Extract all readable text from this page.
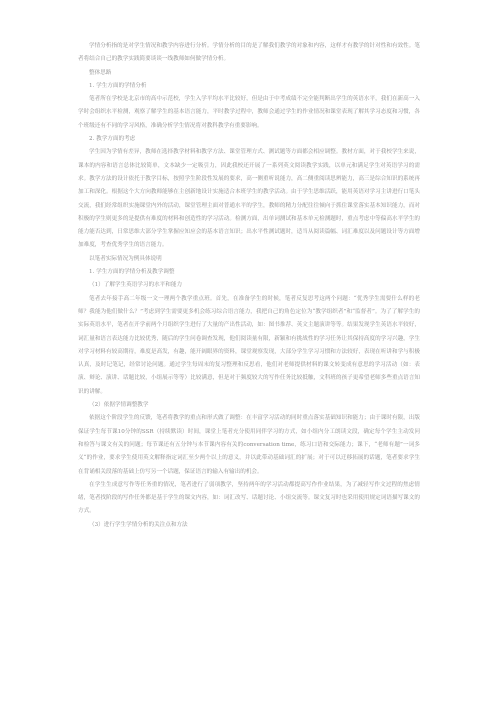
学情分析指的是对学生情况和教学内容进行分析。学情分析的目的是了解我们教学的对象和内容，这样才有教学的针对性和有效性。笔者将结合自己的教学实践简要谈谈一线教师如何做学情分析。

整体思路

1. 学生方面的学情分析

笔者所在学校是北京市的高中示范校，学生入学平均水平比较好，但是由于中考成绩不完全能判断出学生的英语水平，我们在新高一入学时会组织水平检测，观察了解学生的基本语言能力，平时教学过程中，教师会通过学生的作业情况和课堂表现了解其学习态度和习惯，各个班级还有不同的学习风格，准确分析学生情况将对教科教学有重要影响。

2. 教学方面的考虑

学生因为学情有差异，教师在选择教学材料和教学方法、课堂管理方式、测试题等方面都会相应调整。教材方面，对于我校学生来说，课本的内容和语言总体比较简单，文本缺少一定吸引力，因此我校还开展了一系列英文阅读教学实践，以单元和满足学生对英语学习的需求。教学方法的设计依托于教学目标，按照学生阶段性发展的要求，高一侧重听说能力，高二侧重阅读思辨能力，高三是综合知识的系统再加工和深化。根据这个大方向教师能够在主创新地设计实施适合本班学生的教学活动。由于学生思维活跃，能用英语对学习主讲进行口笔头交流，我们经常组织实施课堂内外的活动，课堂管理主面对普通水平的学生，教师的精力分配往往倾向于抓住课堂落实基本知识能力，而对积极的学生则更多的是提供有难度的材料和创造性的学习活动。检测方面，出单词测试和基本单元检测题时，重点考虑中等偏高水平学生的能力能否达到，日常思维大部分学生掌握应知应会的基本语言知识；出水平性测试题时，适当从阅读篇幅、词汇难度以及问题设计等方面增加难度，考查优秀学生的语言能力。

以笔者实际情况为例具体说明

1. 学生方面的学情分析及教学调整

（1）了解学生英语学习的水平和能力

笔者去年接手高二年级一文一理两个教学重点班。首先，在准备学生的时候，笔者反复思考这两个问题：“优秀学生需要什么样的老师？我能为他们做什么？”考虑到学生需要更多机会练习综合语言能力，我把自己的角色定位为“教学组织者”和“监督者”。为了了解学生的实际英语水平，笔者在开学前两个月组织学生进行了大量的产出性活动，如：图书推荐、英文主题演讲等等。结果发现学生英语水平较好，词汇量和语言表达能力比较优秀，随后的学生问卷调查发现，他们阅读量有限，新颖和有挑战性的学习任务让其保持高度的学习兴趣，学生对学习材料有较高期待，难度是高发，有趣，能开阔眼界的资料，课堂观察发现，大部分学生学习习惯和方法较好，表现在听讲和学与积极认真，及时记笔记，经常讨论问题。通过学生每周末的复习整理和反思看，他们对老师提供材料的课文转变成有意思的学习活动（如：表演、辩论、演讲、话题比较，小组展示等等）比较满意，但是对于频度较大的写作任务比较抵触，文科班的孩子更希望老师多些重点语言知识的讲解。

（2）依据学情调整教学

依据这个阶段学生的反馈，笔者将教学的重点和形式做了调整：在丰富学习活动的同时重点落实基础知识和能力；由于课时有限，出版保证学生每节课10分钟的SSR（持续默读）时间，课堂上笔者充分使用同伴学习的方式，如小组内分工朗读文段，确定每个学生主动发问和检答与课文有关的问题；每节课还有五分钟与本节课内容有关的conversation time，练习口语和交际能力；课下，“老师有题”一词多义“的作业，要求学生使用英文解释指定词汇至少两个以上的意义，并以此带动基础词汇的扩展；对于可以迁移拓展的话题，笔者要求学生在背诵相关段落的基础上仿写另一个话题，保证语言的输入有输出的机会。

在学生生成意写作等任务重的情况，笔者进行了弱项教学，坚持两年的学习活动都提高写作作业结果，为了减轻写作文过程的焦虑情绪，笔者找阶段的写作任务都是基于学生的课文内容，如：词汇改写、话题讨论、小组交流等。课文复习时也采用使用规定词语描写课文的方式。

（3）进行学生学情分析的关注点和方法
